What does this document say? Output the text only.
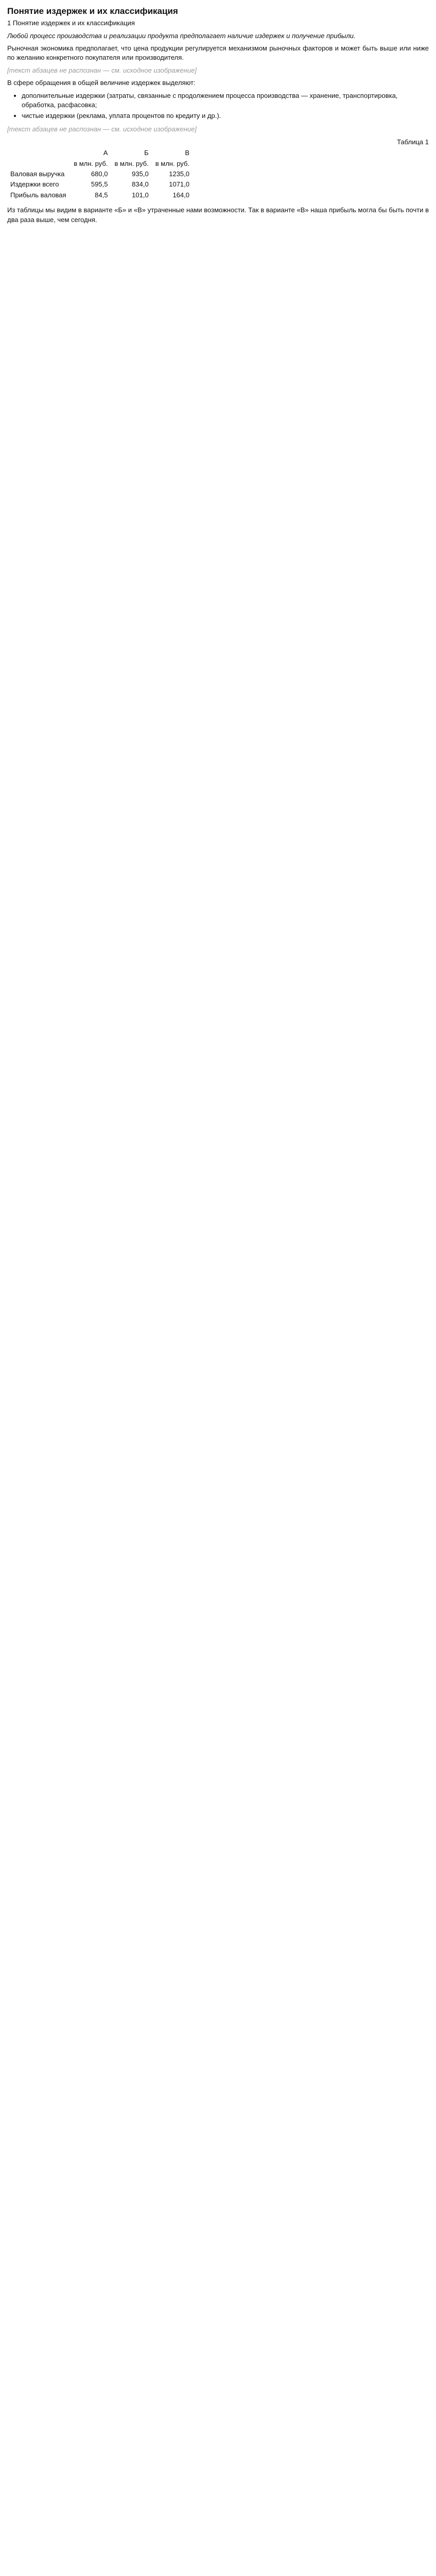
Понятие издержек и их классификация
1 Понятие издержек и их классификация

Любой процесс производства и реализации продукта предполагает наличие издержек и получение прибыли.

Рыночная экономика предполагает, что цена продукции регулируется механизмом рыночных факторов и может быть выше или ниже по желанию конкретного покупателя или производителя.

[текст абзацев не распознан — см. исходное изображение]

В сфере обращения в общей величине издержек выделяют:

• дополнительные издержки (затраты, связанные с продолжением процесса производства — хранение, транспортировка, обработка, расфасовка;
• чистые издержки (реклама, уплата процентов по кредиту и др.).

[текст абзацев не распознан — см. исходное изображение]

Таблица 1
	А	Б	В
	в млн. руб.	в млн. руб.	в млн. руб.
Валовая выручка	680,0	935,0	1235,0
Издержки всего	595,5	834,0	1071,0
Прибыль валовая	84,5	101,0	164,0

Из таблицы мы видим в варианте «Б» и «В» утраченные нами возможности. Так в варианте «В» наша прибыль могла бы быть почти в два раза выше, чем сегодня.
